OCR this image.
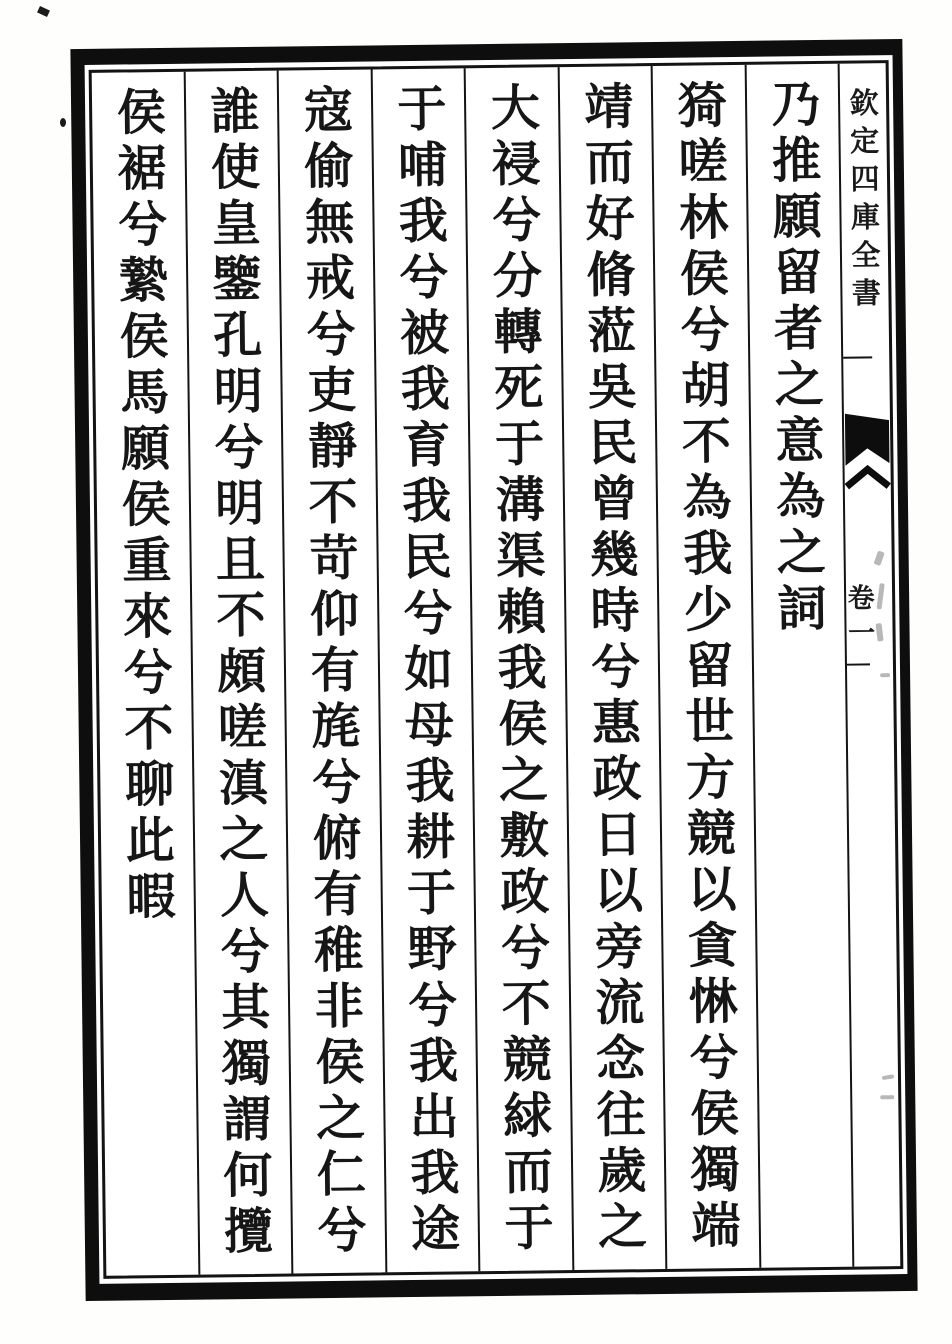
欽定四庫全書
卷一
乃推願留者之意為之詞
猗嗟林侯兮胡不為我少留世方競以貪惏兮侯獨端
靖而好脩蒞吳民曾幾時兮惠政日以旁流念往歲之
大祲兮分轉死于溝渠賴我侯之敷政兮不競絿而于
于哺我兮被我育我民兮如母我耕于野兮我出我途
寇偷無戒兮吏靜不苛仰有旄兮俯有稚非侯之仁兮
誰使皇鑒孔明兮明且不頗嗟滇之人兮其獨謂何攬
侯裾兮縶侯馬願侯重來兮不聊此暇
